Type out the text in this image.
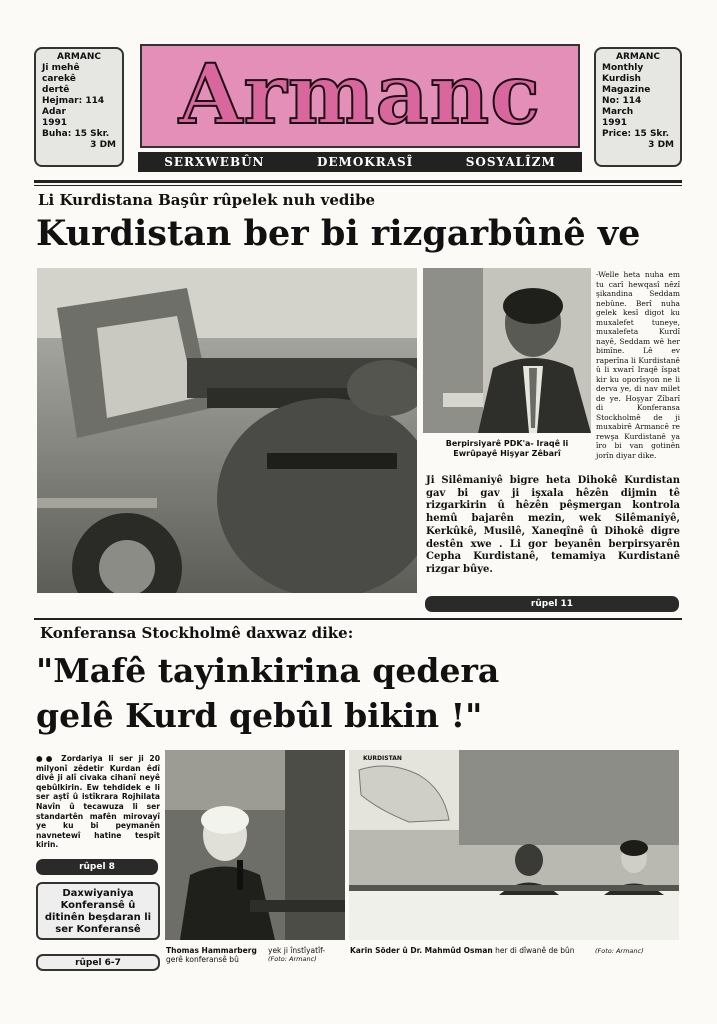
ARMANC
Ji mehê
carekê
dertê
Hejmar: 114
Adar
1991
Buha: 15 Skr.
3 DM
Armanc
SERXWEBÛN	DEMOKRASÎ	SOSYALÎZM
ARMANC
Monthly
Kurdish
Magazine
No: 114
March
1991
Price: 15 Skr.
3 DM
Li Kurdistana Başûr rûpelek nuh vedibe
Kurdistan ber bi rizgarbûnê ve
Berpirsiyarê PDK'a- Iraqê li
Ewrûpayê Hişyar Zêbarî
-Welle heta nuha em tu carî hewqasî nêzî şikandina Seddam nebûne. Berî nuha gelek kesî digot ku muxalefet tuneye, muxalefeta Kurdî nayê, Seddam wê her bimîne. Lê ev raperîna li Kurdistanê û li xwarî Iraqê îspat kir ku oporîsyon ne li derva ye, di nav milet de ye. Hoşyar Zîbarî di Konferansa Stockholmê de ji muxabirê Armancê re rewşa Kurdistanê ya îro bi van gotinên jorîn diyar dike.
Ji Silêmaniyê bigre heta Dihokê Kurdistan gav bi gav ji işxala hêzên dijmin tê rizgarkirin û hêzên pêşmergan kontrola hemû bajarên mezin, wek Silêmaniyê, Kerkûkê, Musilê, Xaneqînê û Dihokê digre destên xwe . Li gor beyanên berpirsyarên Cepha Kurdistanê, temamiya Kurdistanê rizgar bûye.
rûpel 11
Konferansa Stockholmê daxwaz dike:
"Mafê tayinkirina qedera
gelê Kurd qebûl bikin !"
●● Zordariya li ser ji 20 milyonî zêdetir Kurdan êdî divê ji alî civaka cihanî neyê qebûlkirin. Ew tehdidek e li ser aştî û istîkrara Rojhilata Navîn û tecawuza li ser standartên mafên mirovayî ye ku bi peymanên navnetewî hatine tespît kirin.
rûpel 8
Daxwiyaniya Konferansê û ditinên beşdaran li ser Konferansê
rûpel 6-7
KURDISTAN
Thomas Hammarberg
gerê konferansê bû
yek ji înstîyatîf-
(Foto: Armanc)
Karin Söder û Dr. Mahmûd Osman her di dîwanê de bûn	(Foto: Armanc)
